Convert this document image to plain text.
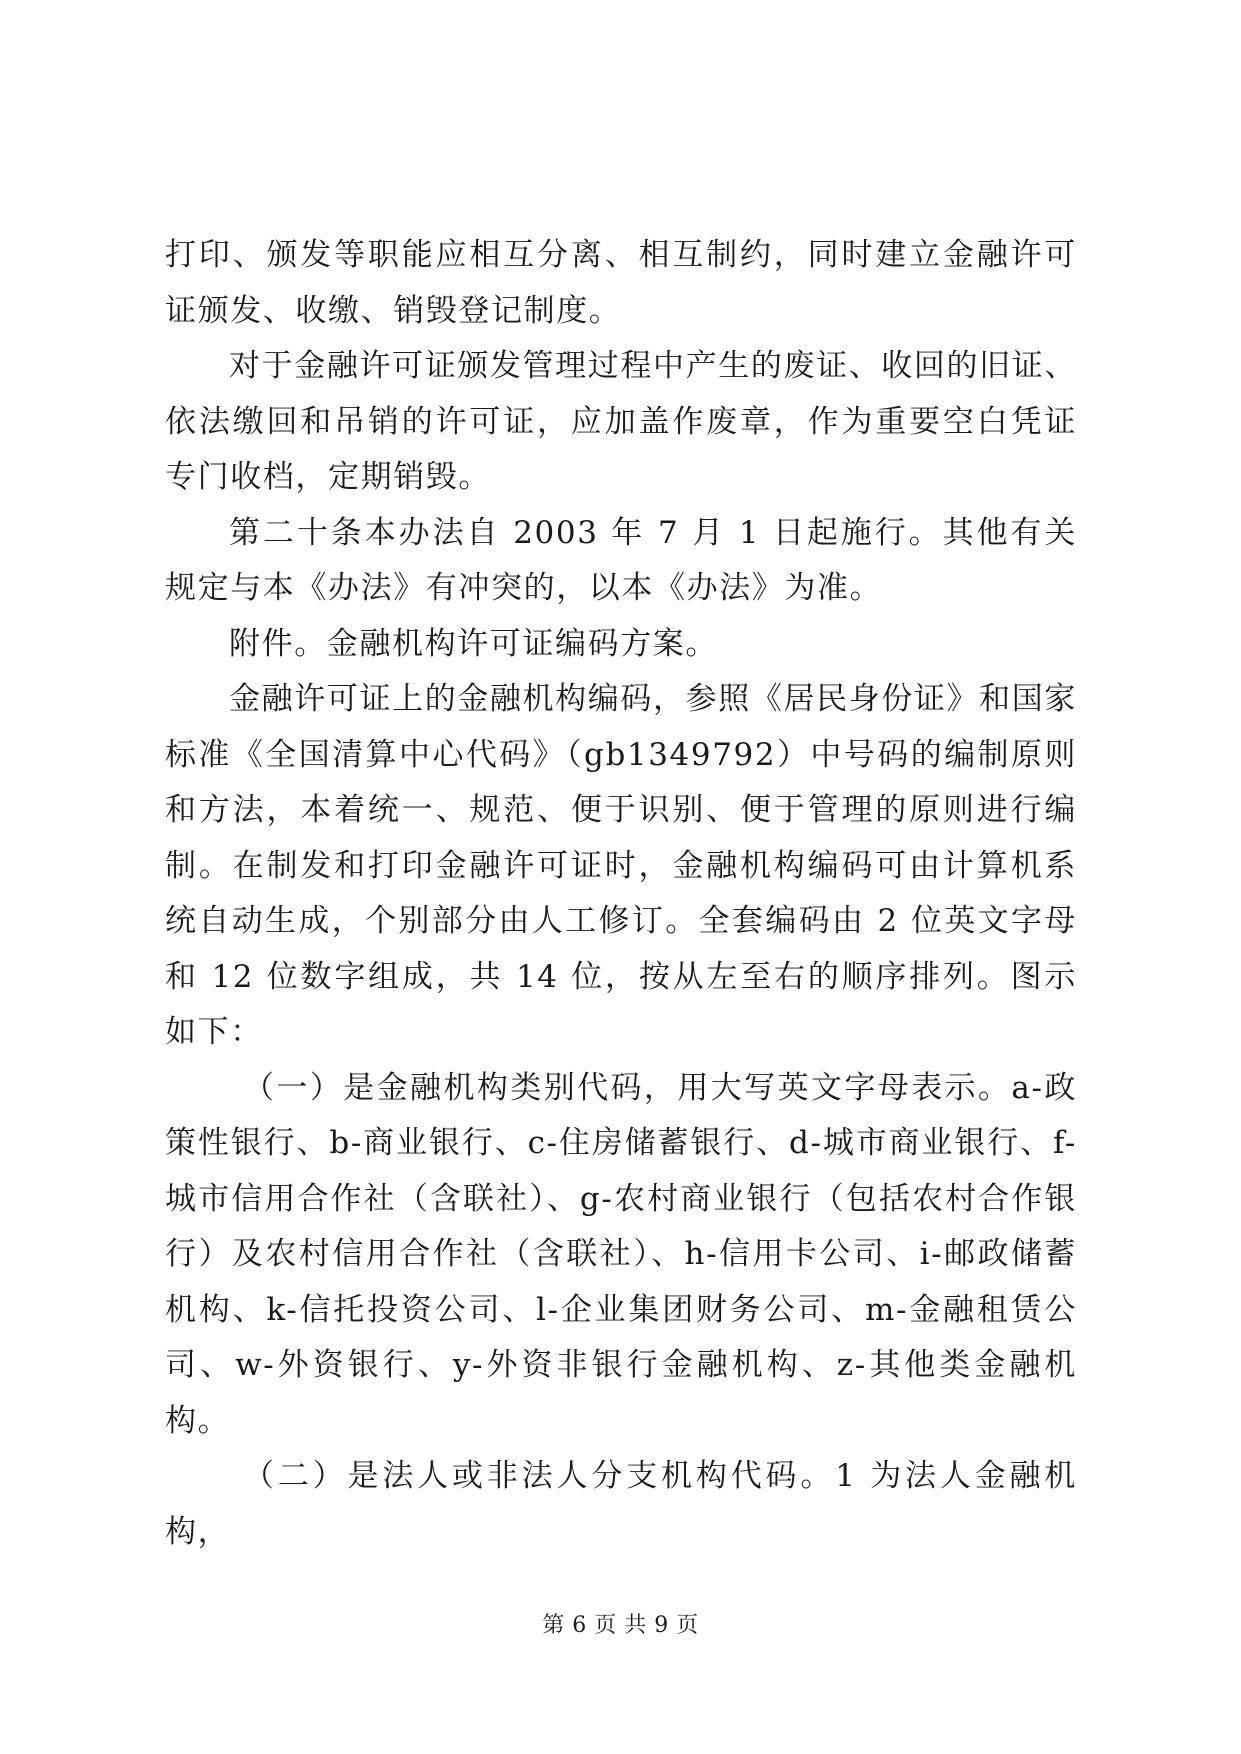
打印、颁发等职能应相互分离、相互制约，同时建立金融许可证颁发、收缴、销毁登记制度。

对于金融许可证颁发管理过程中产生的废证、收回的旧证、依法缴回和吊销的许可证，应加盖作废章，作为重要空白凭证专门收档，定期销毁。

第二十条本办法自 2003 年 7 月 1 日起施行。其他有关规定与本《办法》有冲突的，以本《办法》为准。

附件。金融机构许可证编码方案。

金融许可证上的金融机构编码，参照《居民身份证》和国家标准《全国清算中心代码》（gb1349792）中号码的编制原则和方法，本着统一、规范、便于识别、便于管理的原则进行编制。在制发和打印金融许可证时，金融机构编码可由计算机系统自动生成，个别部分由人工修订。全套编码由 2 位英文字母和 12 位数字组成，共 14 位，按从左至右的顺序排列。图示如下：

（一）是金融机构类别代码，用大写英文字母表示。a-政策性银行、b-商业银行、c-住房储蓄银行、d-城市商业银行、f-城市信用合作社（含联社）、g-农村商业银行（包括农村合作银行）及农村信用合作社（含联社）、h-信用卡公司、i-邮政储蓄机构、k-信托投资公司、l-企业集团财务公司、m-金融租赁公司、w-外资银行、y-外资非银行金融机构、z-其他类金融机构。

（二）是法人或非法人分支机构代码。1 为法人金融机构，

第 6 页 共 9 页
